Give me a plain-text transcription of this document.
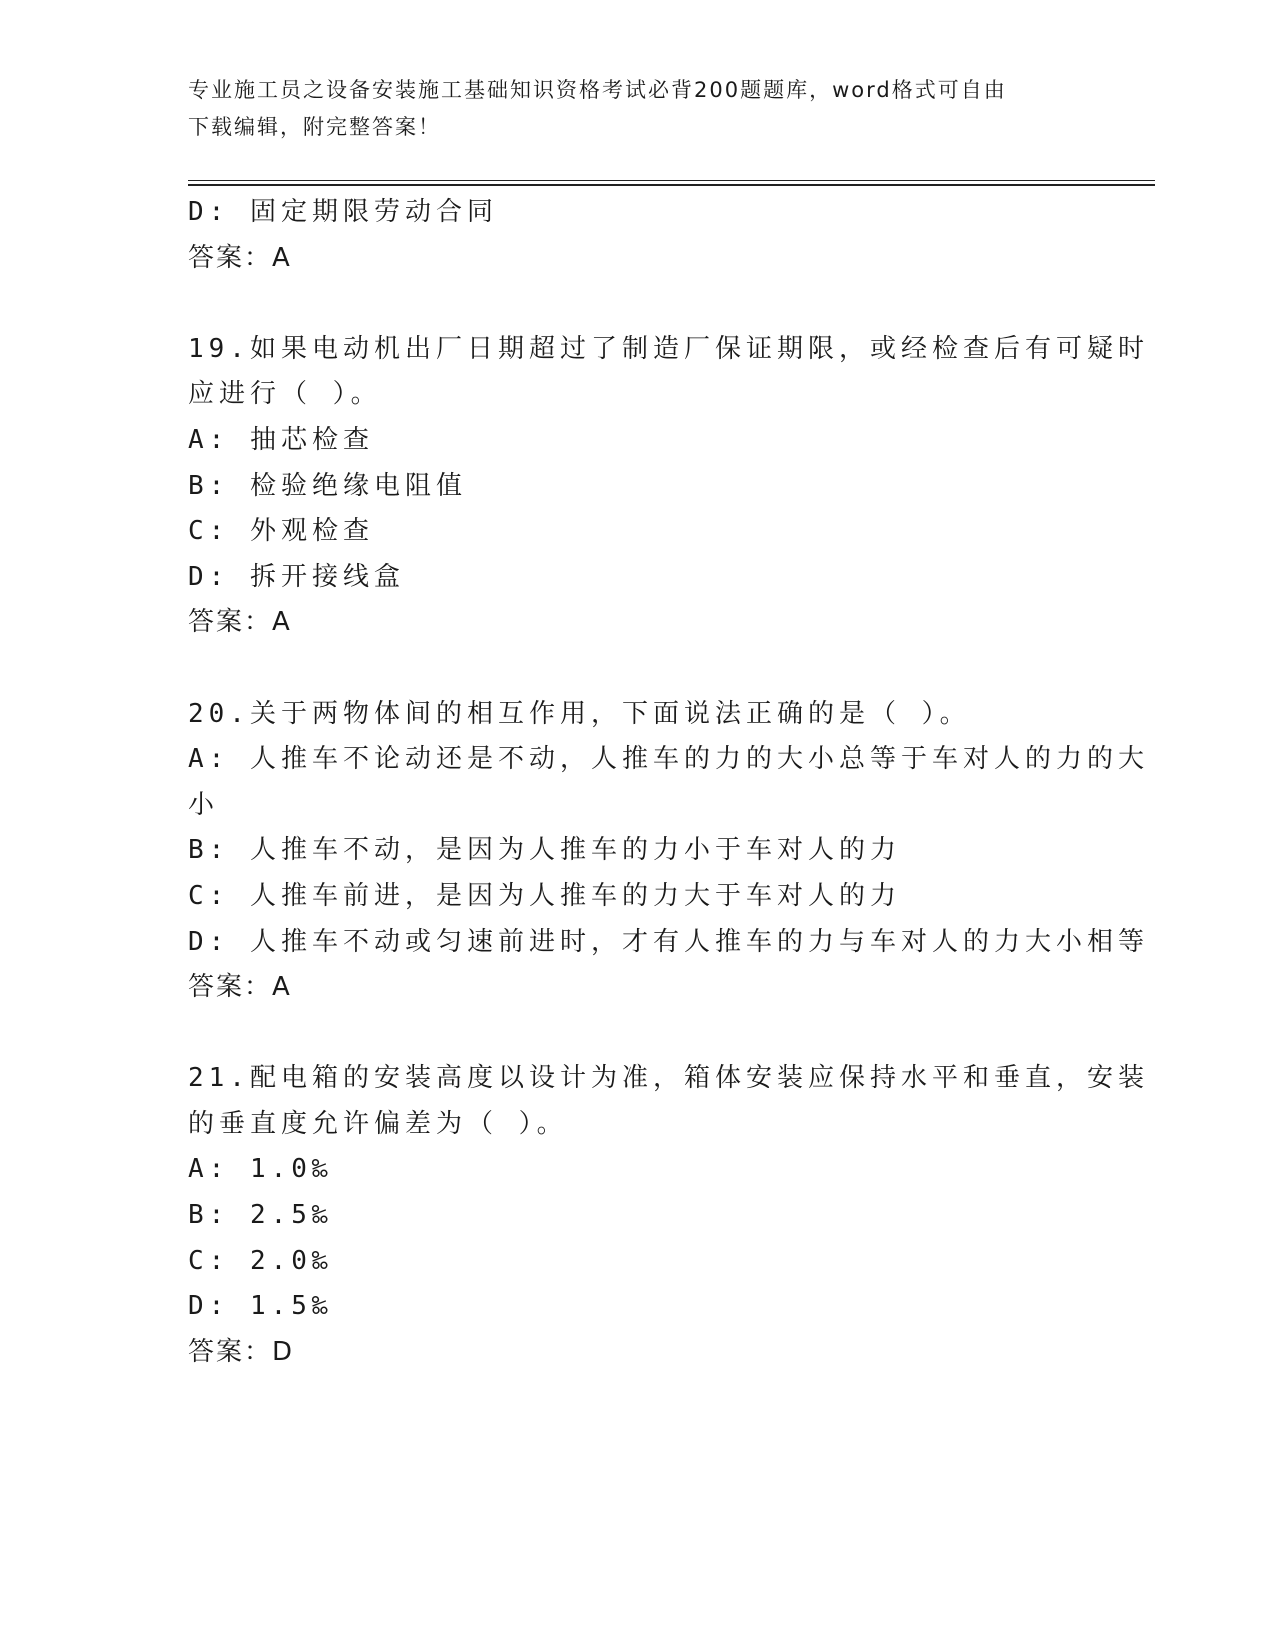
专业施工员之设备安装施工基础知识资格考试必背200题题库，word格式可自由
下载编辑，附完整答案！
D: 固定期限劳动合同
答案：A
19.如果电动机出厂日期超过了制造厂保证期限，或经检查后有可疑时
应进行（ ）。
A: 抽芯检查
B: 检验绝缘电阻值
C: 外观检查
D: 拆开接线盒
答案：A
20.关于两物体间的相互作用，下面说法正确的是（ ）。
A: 人推车不论动还是不动，人推车的力的大小总等于车对人的力的大
小
B: 人推车不动，是因为人推车的力小于车对人的力
C: 人推车前进，是因为人推车的力大于车对人的力
D: 人推车不动或匀速前进时，才有人推车的力与车对人的力大小相等
答案：A
21.配电箱的安装高度以设计为准，箱体安装应保持水平和垂直，安装
的垂直度允许偏差为（ ）。
A: 1.0‰
B: 2.5‰
C: 2.0‰
D: 1.5‰
答案：D
